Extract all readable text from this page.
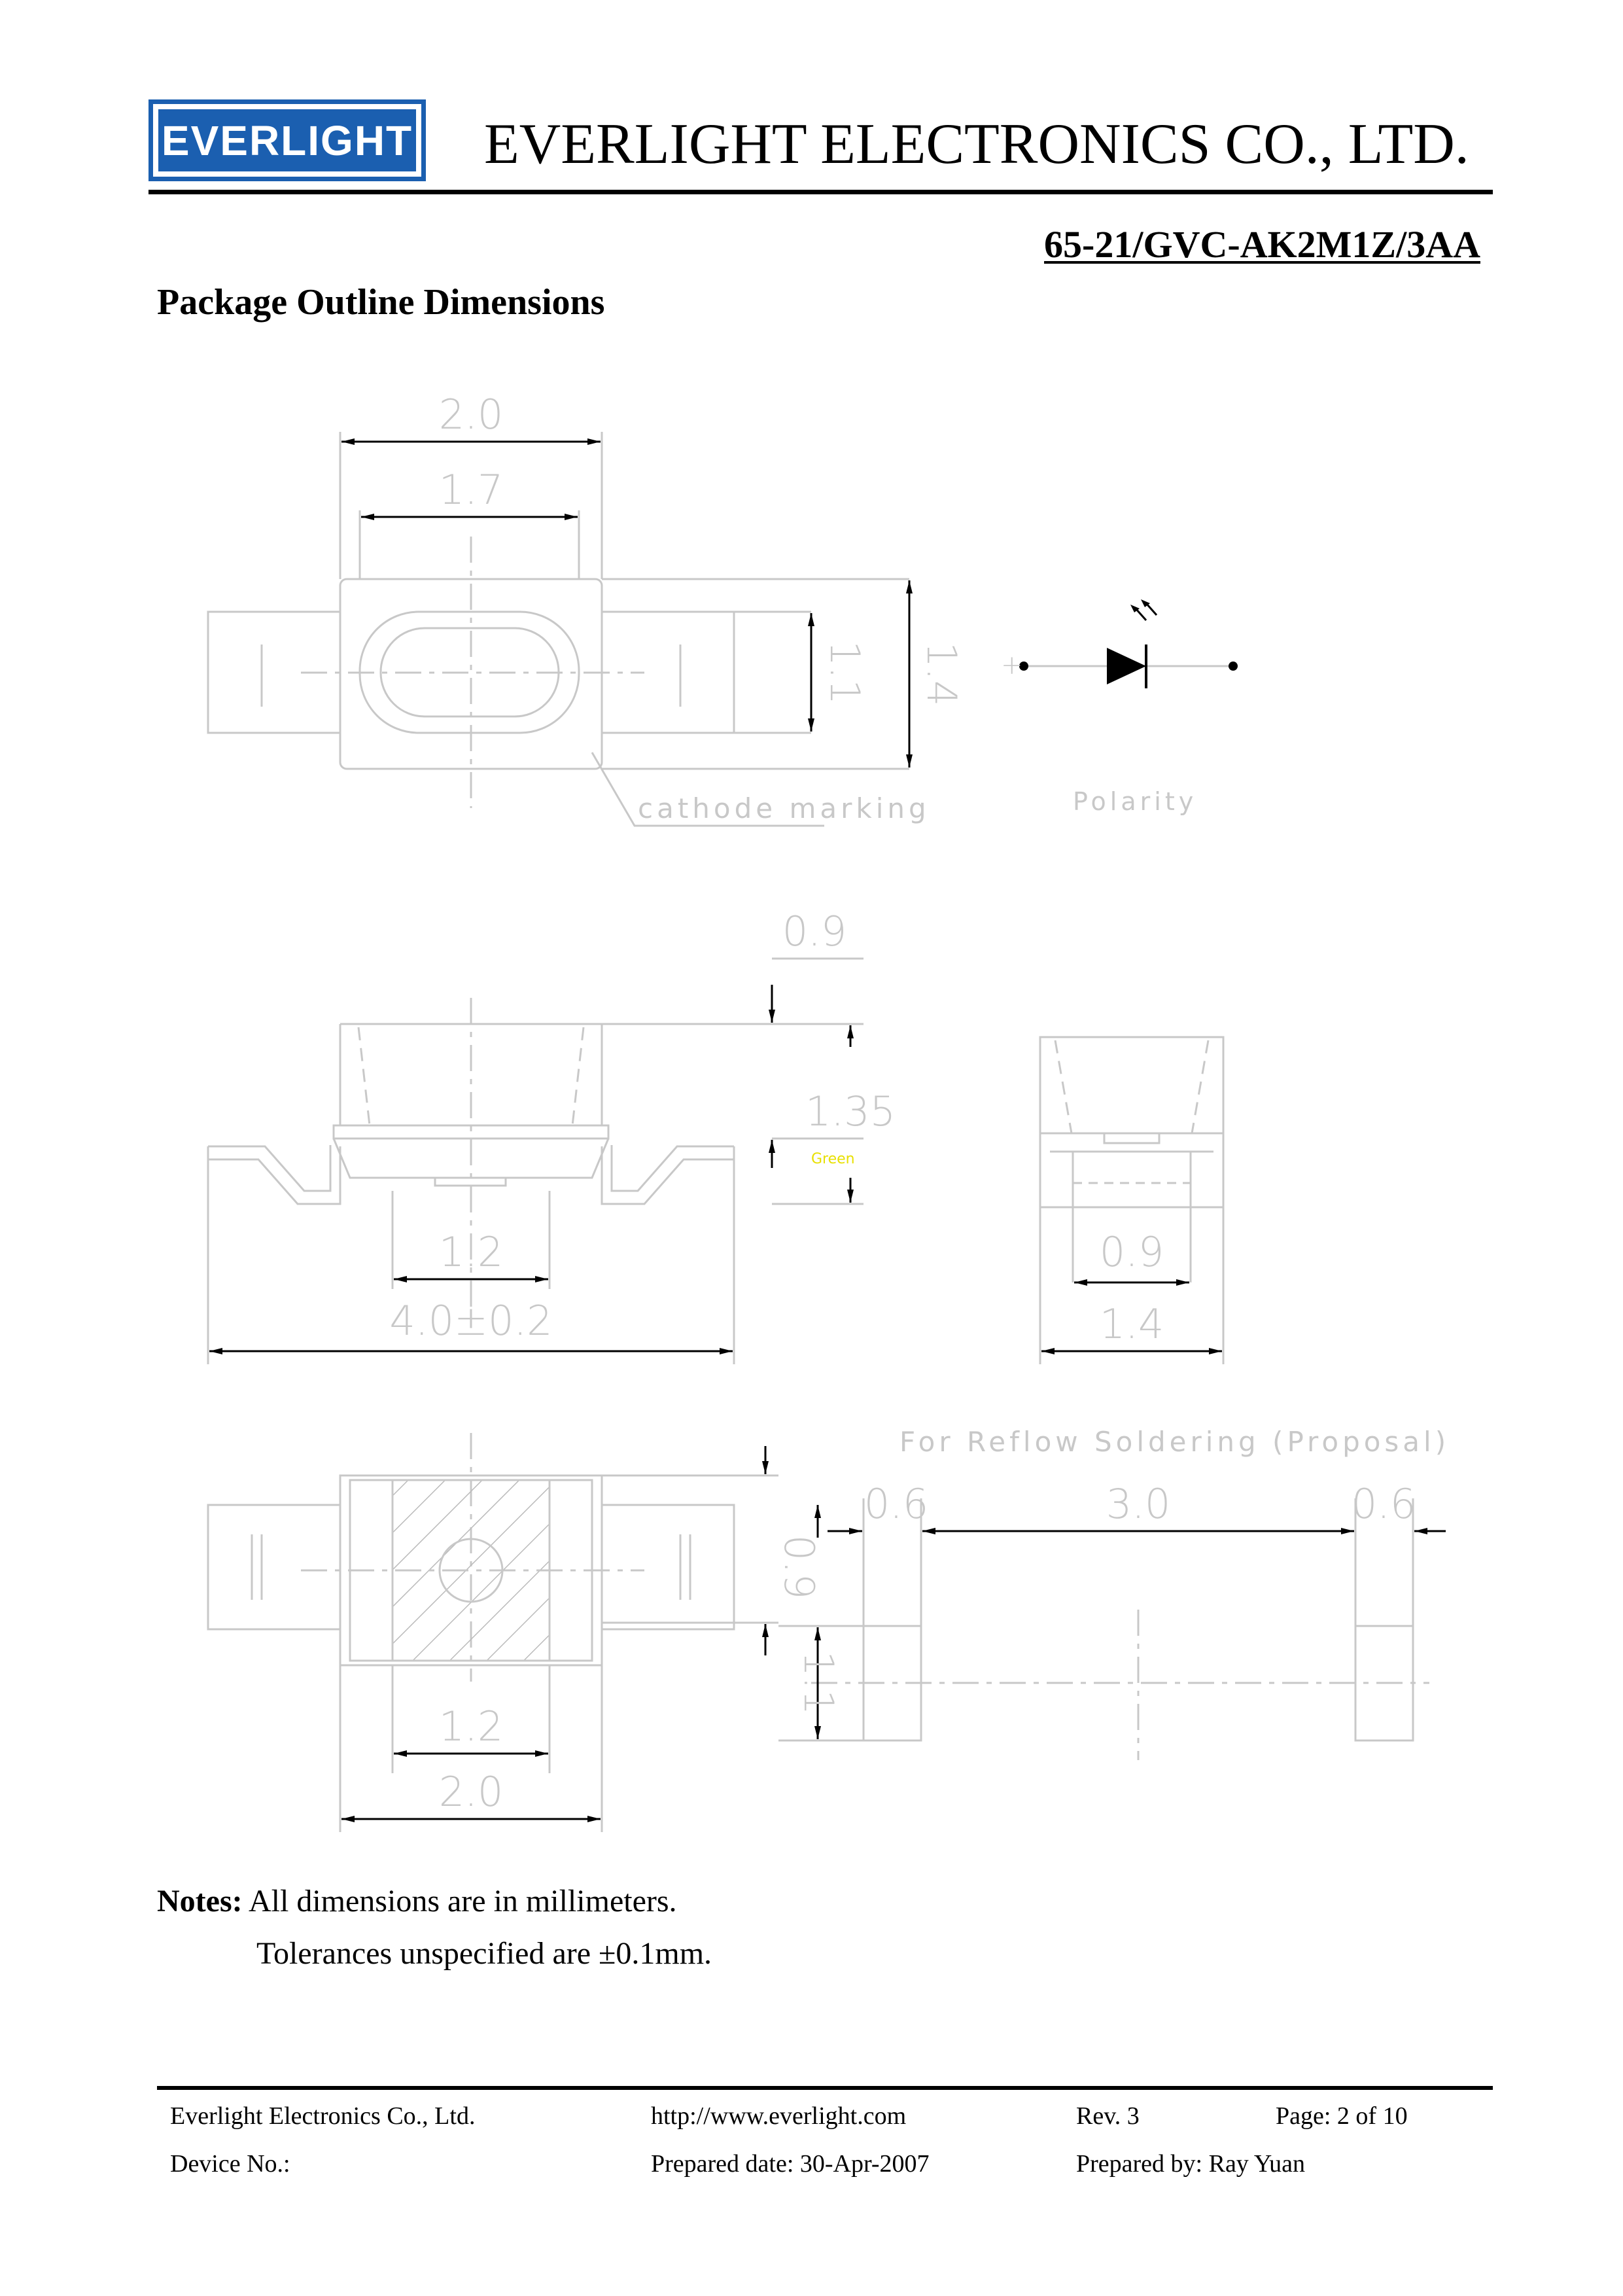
EVERLIGHT EVERLIGHT ELECTRONICS CO., LTD.
65-21/GVC-AK2M1Z/3AA
Package Outline Dimensions
2.0
1.7
1.1 1.4
cathode marking
+
Polarity
0.9
1.35
Green
1.2
4.0±0.2
0.9
1.4
0.9
1.1
1.2
2.0
For Reflow Soldering (Proposal)
0.6	3.0	0.6
Notes: All dimensions are in millimeters.
Tolerances unspecified are ±0.1mm.
Everlight Electronics Co., Ltd.	http://www.everlight.com	Rev. 3	Page: 2 of 10
Device No.:	Prepared date: 30-Apr-2007	Prepared by: Ray Yuan
